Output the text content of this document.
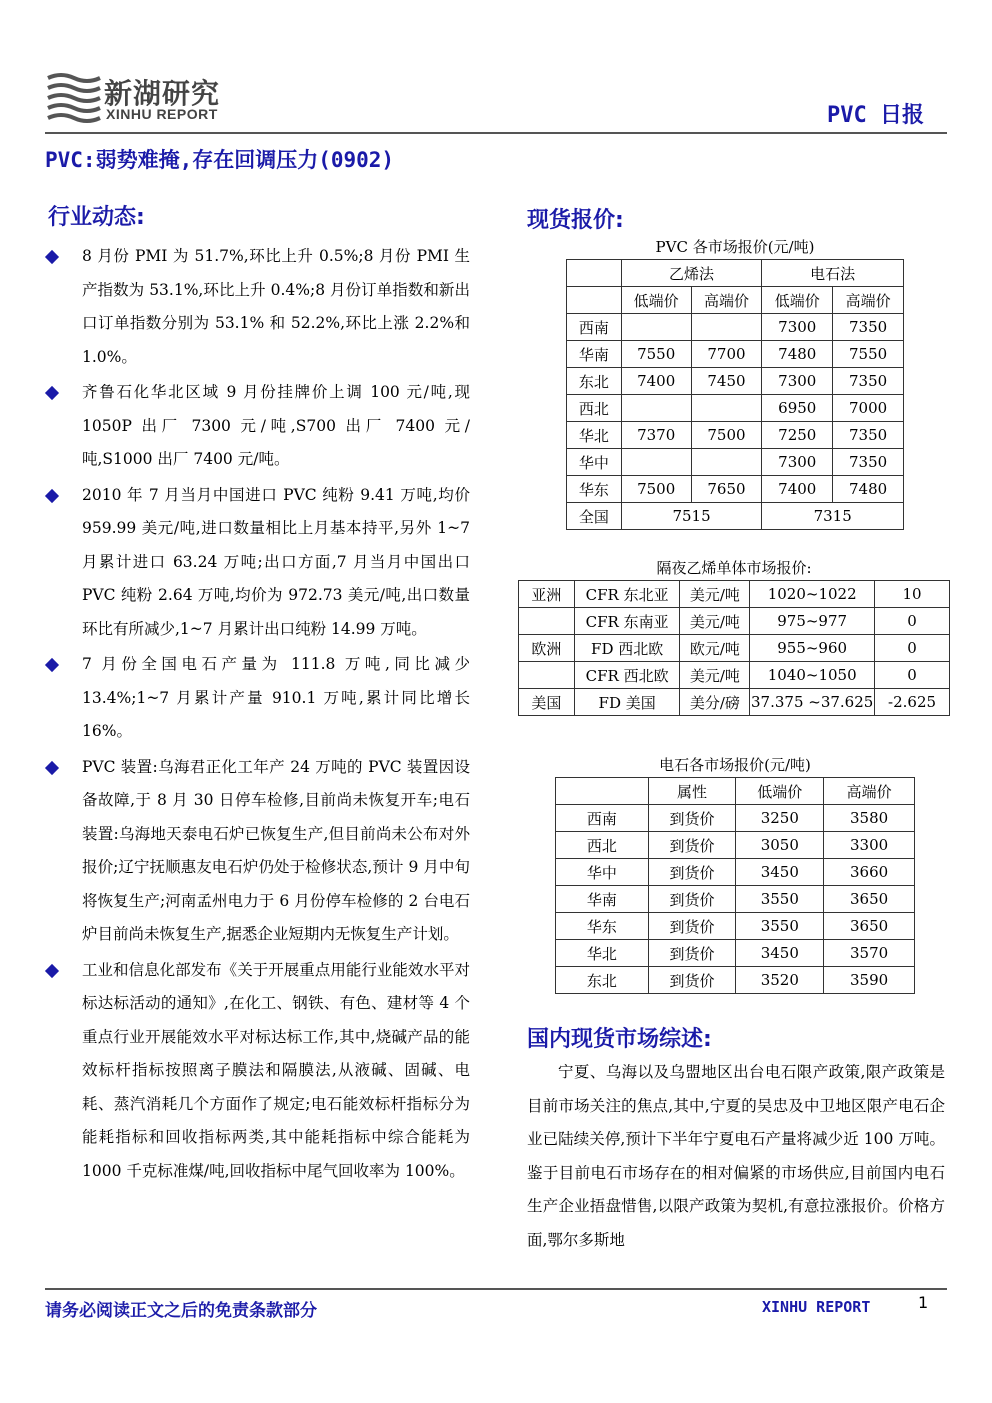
新湖研究
XINHU REPORT	PVC 日报
PVC:弱势难掩,存在回调压力(0902)
行业动态:
8 月份 PMI 为 51.7%,环比上升 0.5%;8 月份 PMI 生产指数为 53.1%,环比上升 0.4%;8 月份订单指数和新出口订单指数分别为 53.1% 和 52.2%,环比上涨 2.2%和 1.0%。
齐鲁石化华北区域 9 月份挂牌价上调 100 元/吨,现 1050P 出厂 7300 元/吨,S700 出厂 7400 元/吨,S1000 出厂 7400 元/吨。
2010 年 7 月当月中国进口 PVC 纯粉 9.41 万吨,均价 959.99 美元/吨,进口数量相比上月基本持平,另外 1~7 月累计进口 63.24 万吨;出口方面,7 月当月中国出口 PVC 纯粉 2.64 万吨,均价为 972.73 美元/吨,出口数量环比有所减少,1~7 月累计出口纯粉 14.99 万吨。
7 月份全国电石产量为 111.8 万吨,同比减少 13.4%;1~7 月累计产量 910.1 万吨,累计同比增长 16%。
PVC 装置:乌海君正化工年产 24 万吨的 PVC 装置因设备故障,于 8 月 30 日停车检修,目前尚未恢复开车;电石装置:乌海地天泰电石炉已恢复生产,但目前尚未公布对外报价;辽宁抚顺惠友电石炉仍处于检修状态,预计 9 月中旬将恢复生产;河南孟州电力于 6 月份停车检修的 2 台电石炉目前尚未恢复生产,据悉企业短期内无恢复生产计划。
工业和信息化部发布《关于开展重点用能行业能效水平对标达标活动的通知》,在化工、钢铁、有色、建材等 4 个重点行业开展能效水平对标达标工作,其中,烧碱产品的能效标杆指标按照离子膜法和隔膜法,从液碱、固碱、电耗、蒸汽消耗几个方面作了规定;电石能效标杆指标分为能耗指标和回收指标两类,其中能耗指标中综合能耗为 1000 千克标准煤/吨,回收指标中尾气回收率为 100%。
现货报价:
PVC 各市场报价(元/吨)
	乙烯法		电石法	
	低端价	高端价	低端价	高端价
西南			7300	7350
华南	7550	7700	7480	7550
东北	7400	7450	7300	7350
西北			6950	7000
华北	7370	7500	7250	7350
华中			7300	7350
华东	7500	7650	7400	7480
全国	7515		7315	
隔夜乙烯单体市场报价:
亚洲	CFR 东北亚	美元/吨	1020~1022	10
	CFR 东南亚	美元/吨	975~977	0
欧洲	FD 西北欧	欧元/吨	955~960	0
	CFR 西北欧	美元/吨	1040~1050	0
美国	FD 美国	美分/磅	37.375 ~37.625	-2.625
电石各市场报价(元/吨)
	属性	低端价	高端价
西南	到货价	3250	3580
西北	到货价	3050	3300
华中	到货价	3450	3660
华南	到货价	3550	3650
华东	到货价	3550	3650
华北	到货价	3450	3570
东北	到货价	3520	3590
国内现货市场综述:
宁夏、乌海以及乌盟地区出台电石限产政策,限产政策是目前市场关注的焦点,其中,宁夏的吴忠及中卫地区限产电石企业已陆续关停,预计下半年宁夏电石产量将减少近 100 万吨。鉴于目前电石市场存在的相对偏紧的市场供应,目前国内电石生产企业捂盘惜售,以限产政策为契机,有意拉涨报价。价格方面,鄂尔多斯地
请务必阅读正文之后的免责条款部分	XINHU REPORT	1
